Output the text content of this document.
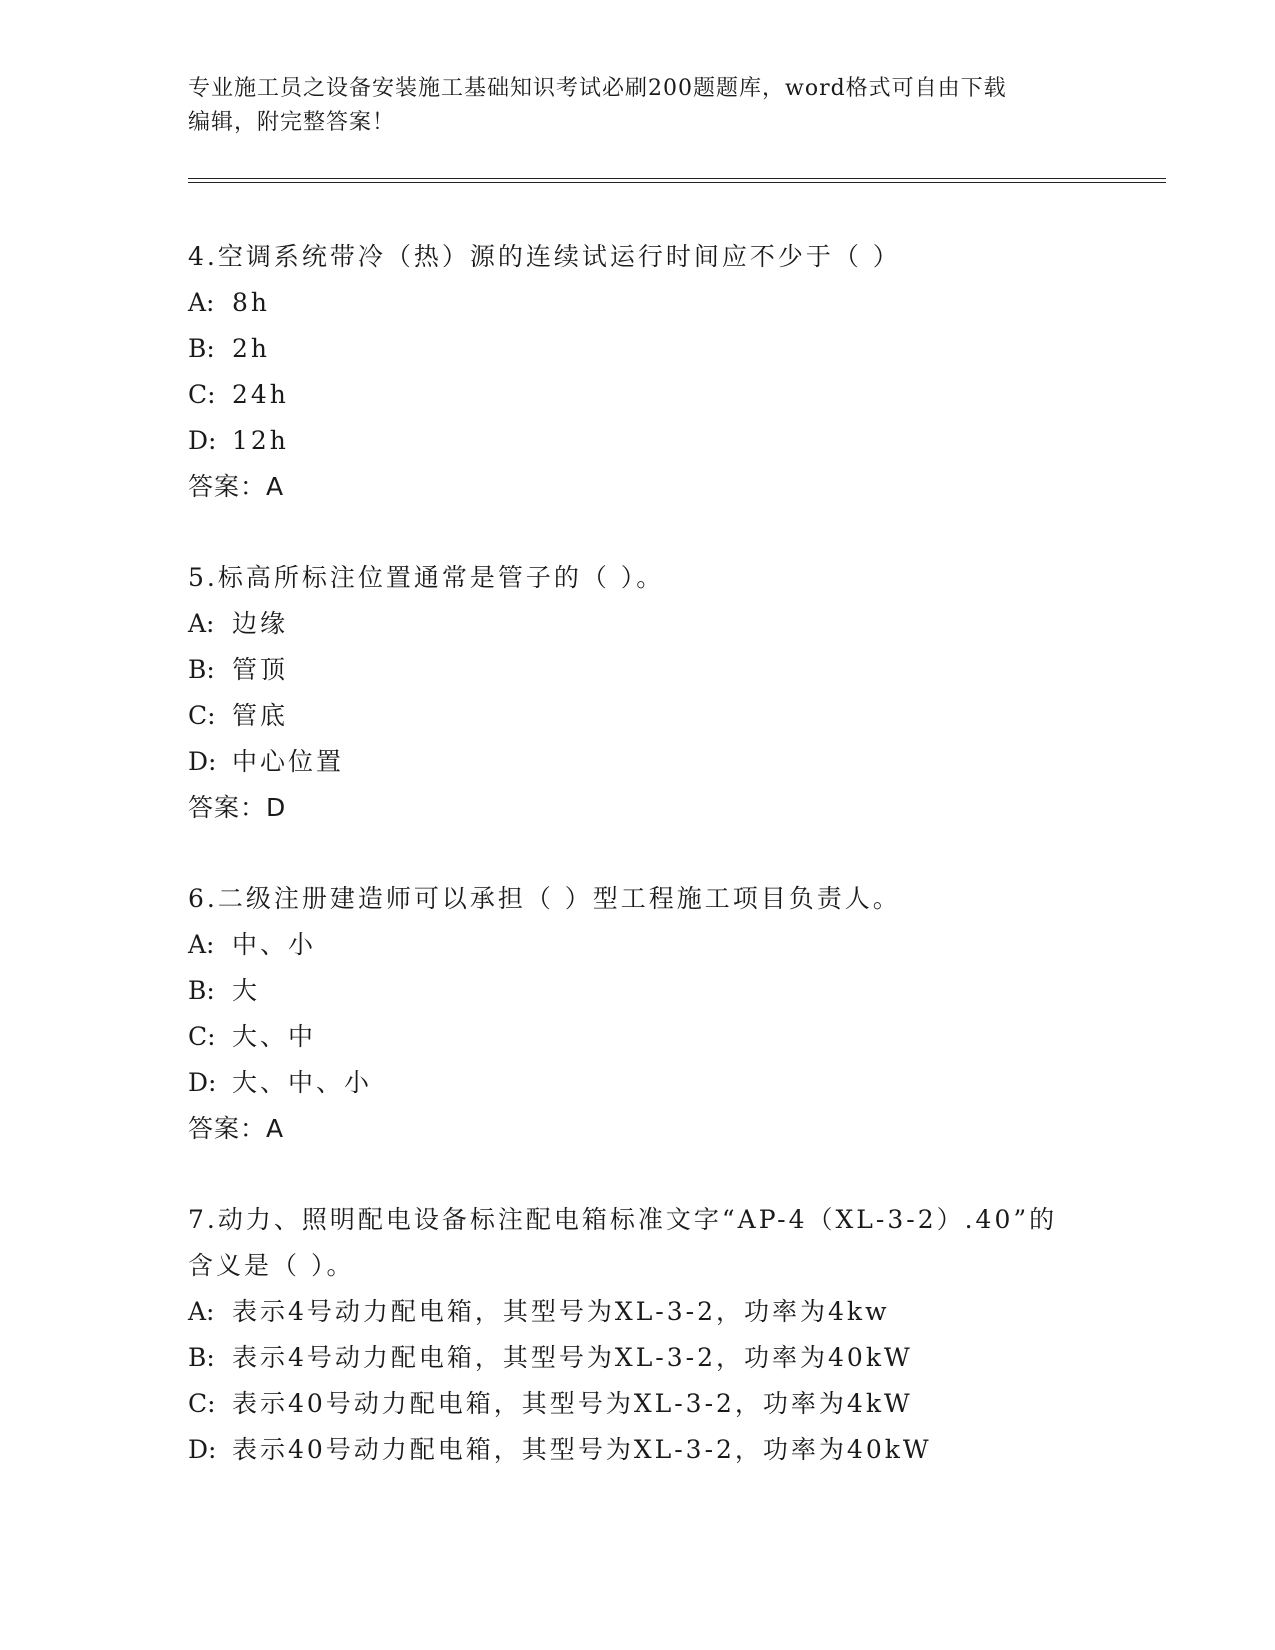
专业施工员之设备安装施工基础知识考试必刷200题题库，word格式可自由下载
编辑，附完整答案！
4.空调系统带冷（热）源的连续试运行时间应不少于（ ）
A: 8h
B: 2h
C: 24h
D: 12h
答案：A
5.标高所标注位置通常是管子的（ ）。
A: 边缘
B: 管顶
C: 管底
D: 中心位置
答案：D
6.二级注册建造师可以承担（ ）型工程施工项目负责人。
A: 中、小
B: 大
C: 大、中
D: 大、中、小
答案：A
7.动力、照明配电设备标注配电箱标准文字“AP-4（XL-3-2）.40”的
含义是（ ）。
A: 表示4号动力配电箱，其型号为XL-3-2，功率为4kw
B: 表示4号动力配电箱，其型号为XL-3-2，功率为40kW
C: 表示40号动力配电箱，其型号为XL-3-2，功率为4kW
D: 表示40号动力配电箱，其型号为XL-3-2，功率为40kW
